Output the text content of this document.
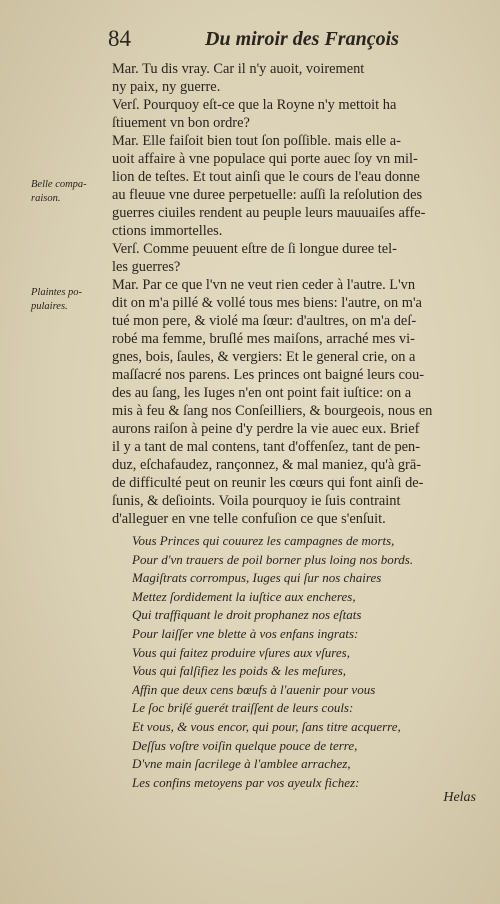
84	Du miroir des François
Belle compa- raison.
Plaintes po- pulaires.
Mar. Tu dis vray. Car il n'y auoit, voirement
ny paix, ny guerre.
Verſ. Pourquoy eſt-ce que la Royne n'y mettoit ha
ſtiuement vn bon ordre?
Mar. Elle faiſoit bien tout ſon poſſible. mais elle a-
uoit affaire à vne populace qui porte auec ſoy vn mil-
lion de teſtes. Et tout ainſi que le cours de l'eau donne
au fleuue vne duree perpetuelle: auſſi la reſolution des
guerres ciuiles rendent au peuple leurs mauuaiſes affe-
ctions immortelles.
Verſ. Comme peuuent eſtre de ſi longue duree tel-
les guerres?
Mar. Par ce que l'vn ne veut rien ceder à l'autre. L'vn
dit on m'a pillé & vollé tous mes biens: l'autre, on m'a
tué mon pere, & violé ma ſœur: d'aultres, on m'a deſ-
robé ma femme, bruſlé mes maiſons, arraché mes vi-
gnes, bois, ſaules, & vergiers: Et le general crie, on a
maſſacré nos parens. Les princes ont baigné leurs cou-
des au ſang, les Iuges n'en ont point fait iuſtice: on a
mis à feu & ſang nos Conſeilliers, & bourgeois, nous en
aurons raiſon à peine d'y perdre la vie auec eux. Brief
il y a tant de mal contens, tant d'offenſez, tant de pen-
duz, eſchafaudez, rançonnez, & mal maniez, qu'à grā-
de difficulté peut on reunir les cœurs qui font ainſi de-
ſunis, & deſioints. Voila pourquoy ie ſuis contraint
d'alleguer en vne telle confuſion ce que s'enſuit.
Vous Princes qui couurez les campagnes de morts,
Pour d'vn trauers de poil borner plus loing nos bords.
Magiſtrats corrompus, Iuges qui ſur nos chaires
Mettez ſordidement la iuſtice aux encheres,
Qui traffiquant le droit prophanez nos eſtats
Pour laiſſer vne blette à vos enfans ingrats:
Vous qui faitez produire vſures aux vſures,
Vous qui falſifiez les poids & les meſures,
Affin que deux cens bœufs à l'auenir pour vous
Le ſoc briſé guerét traiſſent de leurs couls:
Et vous, & vous encor, qui pour, ſans titre acquerre,
Deſſus voſtre voiſin quelque pouce de terre,
D'vne main ſacrilege à l'amblee arrachez,
Les confins metoyens par vos ayeulx fichez:
Helas
